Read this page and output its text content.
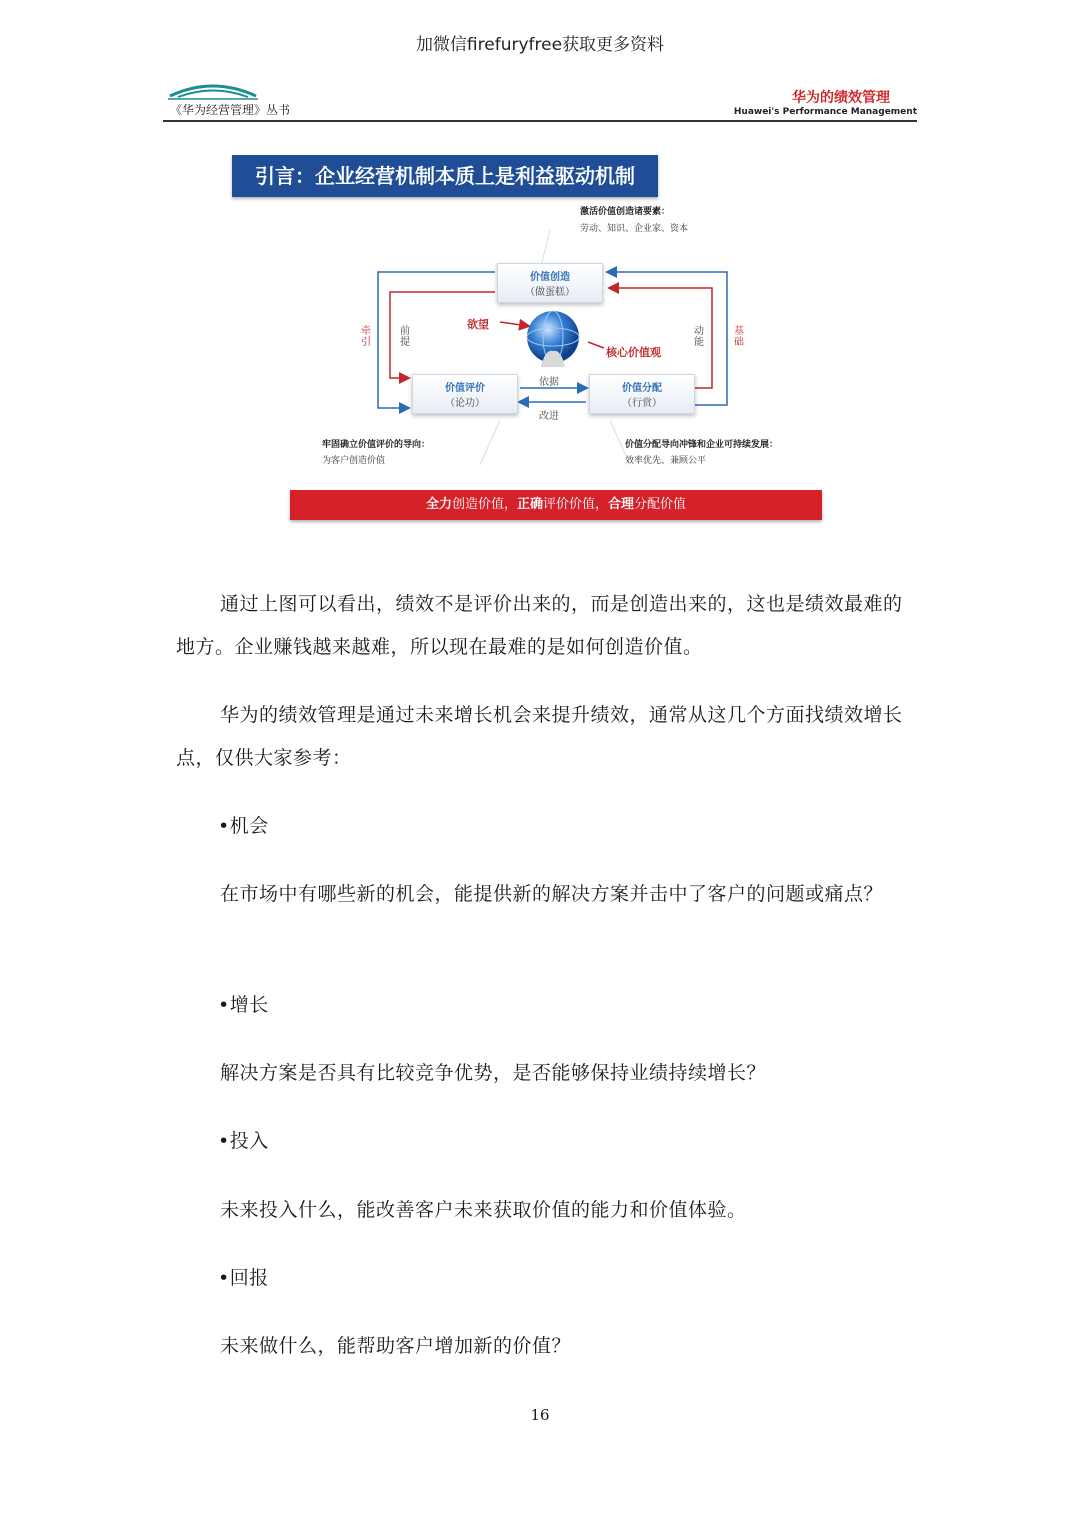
加微信firefuryfree获取更多资料
《华为经营管理》丛书
华为的绩效管理
Huawei's Performance Management
引言：企业经营机制本质上是利益驱动机制
激活价值创造诸要素：
劳动、知识、企业家、资本
价值创造
（做蛋糕）
价值评价
（论功）
价值分配
（行赏）
欲望
核心价值观
依据
改进
牵引
前提
动能
基础
牢固确立价值评价的导向：
为客户创造价值
价值分配导向冲锋和企业可持续发展：
效率优先、兼顾公平
全力创造价值，正确评价价值，合理分配价值
通过上图可以看出，绩效不是评价出来的，而是创造出来的，这也是绩效最难的地方。企业赚钱越来越难，所以现在最难的是如何创造价值。
华为的绩效管理是通过未来增长机会来提升绩效，通常从这几个方面找绩效增长点，仅供大家参考：
•机会
在市场中有哪些新的机会，能提供新的解决方案并击中了客户的问题或痛点？
•增长
解决方案是否具有比较竞争优势，是否能够保持业绩持续增长？
•投入
未来投入什么，能改善客户未来获取价值的能力和价值体验。
•回报
未来做什么，能帮助客户增加新的价值？
16
